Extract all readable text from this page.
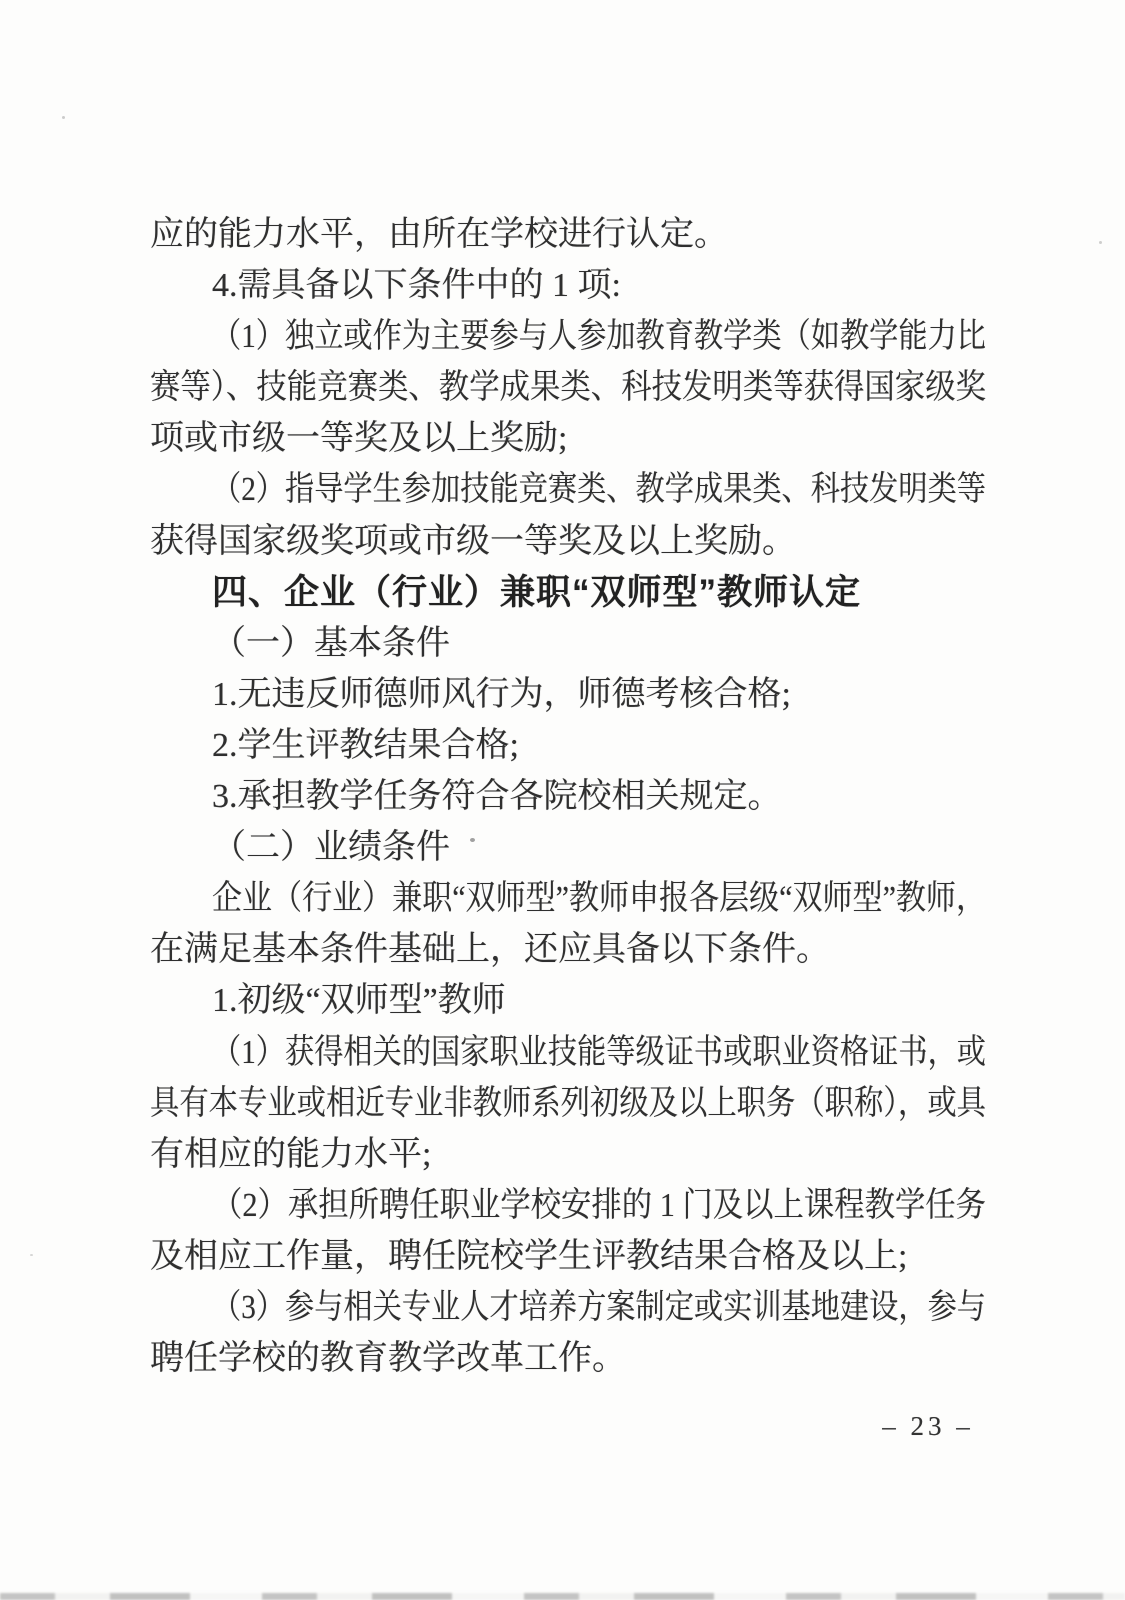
应的能力水平，由所在学校进行认定。
4.需具备以下条件中的 1 项:
（1）独立或作为主要参与人参加教育教学类（如教学能力比
赛等）、技能竞赛类、教学成果类、科技发明类等获得国家级奖
项或市级一等奖及以上奖励;
（2）指导学生参加技能竞赛类、教学成果类、科技发明类等
获得国家级奖项或市级一等奖及以上奖励。
四、企业（行业）兼职“双师型”教师认定
（一）基本条件
1.无违反师德师风行为，师德考核合格;
2.学生评教结果合格;
3.承担教学任务符合各院校相关规定。
（二）业绩条件
企业（行业）兼职“双师型”教师申报各层级“双师型”教师，
在满足基本条件基础上，还应具备以下条件。
1.初级“双师型”教师
（1）获得相关的国家职业技能等级证书或职业资格证书，或
具有本专业或相近专业非教师系列初级及以上职务（职称），或具
有相应的能力水平;
（2）承担所聘任职业学校安排的 1 门及以上课程教学任务
及相应工作量，聘任院校学生评教结果合格及以上;
（3）参与相关专业人才培养方案制定或实训基地建设，参与
聘任学校的教育教学改革工作。
– 23 –
